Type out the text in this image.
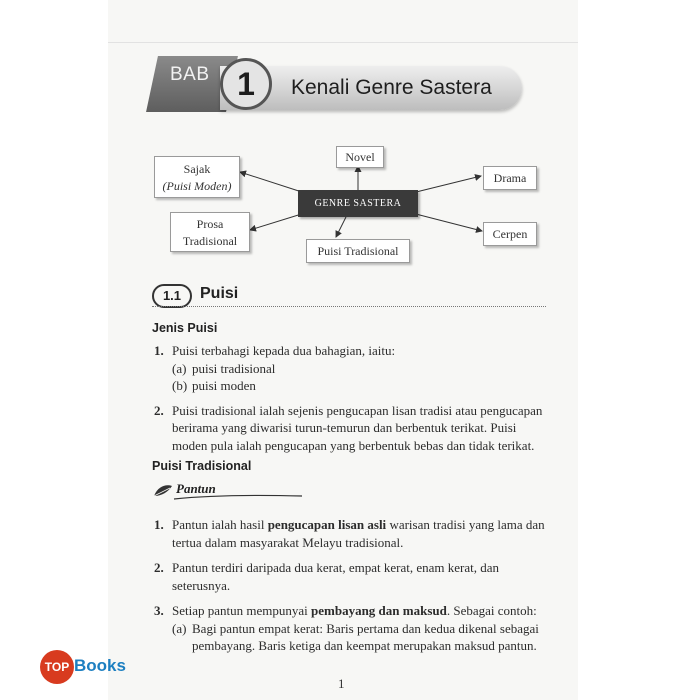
BAB 1	Kenali Genre Sastera
Sajak
(Puisi Moden)
Novel
Drama
Prosa Tradisional
Puisi Tradisional
Cerpen
GENRE SASTERA
1.1	Puisi
Jenis Puisi
1. Puisi terbahagi kepada dua bahagian, iaitu:
(a) puisi tradisional
(b) puisi moden
2. Puisi tradisional ialah sejenis pengucapan lisan tradisi atau pengucapan berirama yang diwarisi turun-temurun dan berbentuk terikat. Puisi moden pula ialah pengucapan yang berbentuk bebas dan tidak terikat.
Puisi Tradisional
Pantun
1. Pantun ialah hasil pengucapan lisan asli warisan tradisi yang lama dan tertua dalam masyarakat Melayu tradisional.
2. Pantun terdiri daripada dua kerat, empat kerat, enam kerat, dan seterusnya.
3. Setiap pantun mempunyai pembayang dan maksud. Sebagai contoh:
(a) Bagi pantun empat kerat: Baris pertama dan kedua dikenal sebagai pembayang. Baris ketiga dan keempat merupakan maksud pantun.
1
TOP Books
